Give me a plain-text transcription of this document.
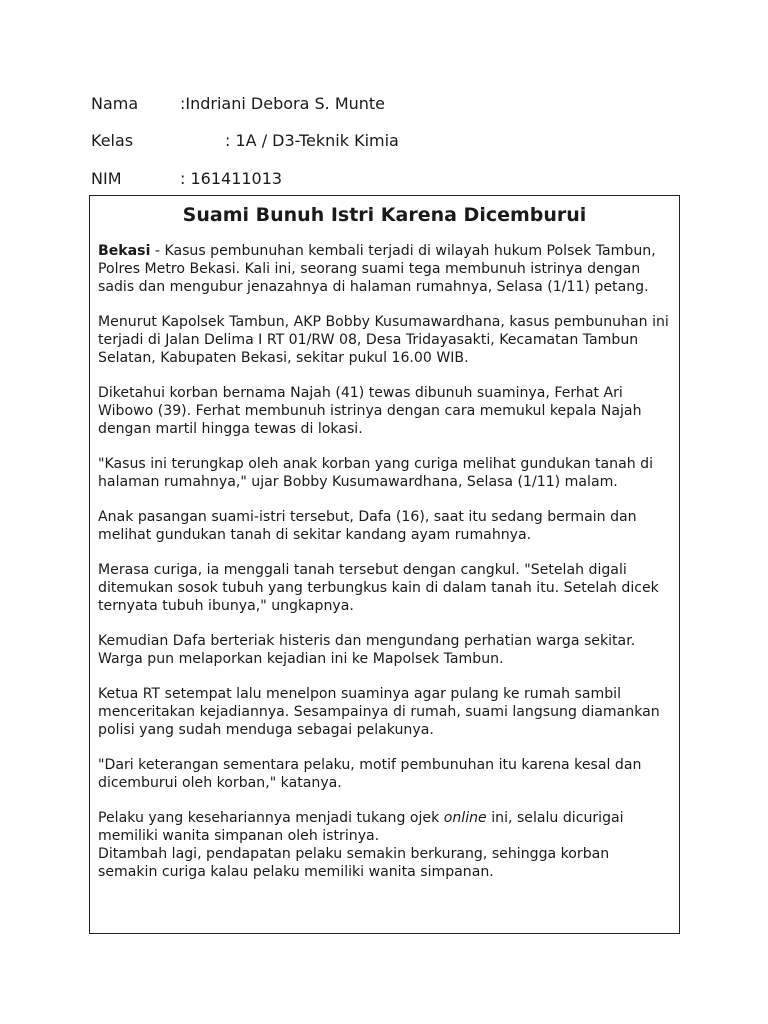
Nama	:Indriani Debora S. Munte
Kelas	: 1A / D3-Teknik Kimia
NIM	: 161411013
Suami Bunuh Istri Karena Dicemburui

Bekasi - Kasus pembunuhan kembali terjadi di wilayah hukum Polsek Tambun, Polres Metro Bekasi. Kali ini, seorang suami tega membunuh istrinya dengan sadis dan mengubur jenazahnya di halaman rumahnya, Selasa (1/11) petang.

Menurut Kapolsek Tambun, AKP Bobby Kusumawardhana, kasus pembunuhan ini terjadi di Jalan Delima I RT 01/RW 08, Desa Tridayasakti, Kecamatan Tambun Selatan, Kabupaten Bekasi, sekitar pukul 16.00 WIB.

Diketahui korban bernama Najah (41) tewas dibunuh suaminya, Ferhat Ari Wibowo (39). Ferhat membunuh istrinya dengan cara memukul kepala Najah dengan martil hingga tewas di lokasi.

"Kasus ini terungkap oleh anak korban yang curiga melihat gundukan tanah di halaman rumahnya," ujar Bobby Kusumawardhana, Selasa (1/11) malam.

Anak pasangan suami-istri tersebut, Dafa (16), saat itu sedang bermain dan melihat gundukan tanah di sekitar kandang ayam rumahnya.

Merasa curiga, ia menggali tanah tersebut dengan cangkul. "Setelah digali ditemukan sosok tubuh yang terbungkus kain di dalam tanah itu. Setelah dicek ternyata tubuh ibunya," ungkapnya.

Kemudian Dafa berteriak histeris dan mengundang perhatian warga sekitar. Warga pun melaporkan kejadian ini ke Mapolsek Tambun.

Ketua RT setempat lalu menelpon suaminya agar pulang ke rumah sambil menceritakan kejadiannya. Sesampainya di rumah, suami langsung diamankan polisi yang sudah menduga sebagai pelakunya.

"Dari keterangan sementara pelaku, motif pembunuhan itu karena kesal dan dicemburui oleh korban," katanya.

Pelaku yang kesehariannya menjadi tukang ojek online ini, selalu dicurigai memiliki wanita simpanan oleh istrinya.

Ditambah lagi, pendapatan pelaku semakin berkurang, sehingga korban semakin curiga kalau pelaku memiliki wanita simpanan.
